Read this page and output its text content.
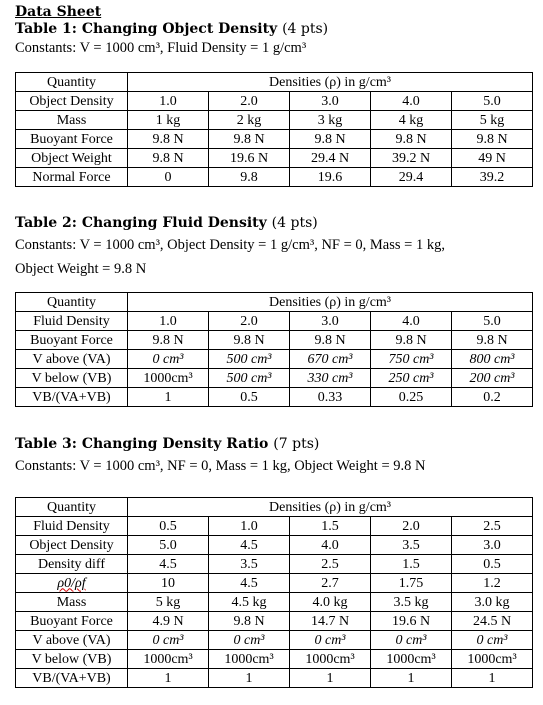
Data Sheet
Table 1: Changing Object Density (4 pts)
Constants: V = 1000 cm³, Fluid Density = 1 g/cm³
Quantity	Densities (ρ) in g/cm³				
Object Density	1.0	2.0	3.0	4.0	5.0
Mass	1 kg	2 kg	3 kg	4 kg	5 kg
Buoyant Force	9.8 N	9.8 N	9.8 N	9.8 N	9.8 N
Object Weight	9.8 N	19.6 N	29.4 N	39.2 N	49 N
Normal Force	0	9.8	19.6	29.4	39.2
Table 2: Changing Fluid Density (4 pts)
Constants: V = 1000 cm³, Object Density = 1 g/cm³, NF = 0, Mass = 1 kg,
Object Weight = 9.8 N
Quantity	Densities (ρ) in g/cm³				
Fluid Density	1.0	2.0	3.0	4.0	5.0
Buoyant Force	9.8 N	9.8 N	9.8 N	9.8 N	9.8 N
V above (VA)	0 cm³	500 cm³	670 cm³	750 cm³	800 cm³
V below (VB)	1000cm³	500 cm³	330 cm³	250 cm³	200 cm³
VB/(VA+VB)	1	0.5	0.33	0.25	0.2
Table 3: Changing Density Ratio (7 pts)
Constants: V = 1000 cm³, NF = 0, Mass = 1 kg, Object Weight = 9.8 N
Quantity	Densities (ρ) in g/cm³				
Fluid Density	0.5	1.0	1.5	2.0	2.5
Object Density	5.0	4.5	4.0	3.5	3.0
Density diff	4.5	3.5	2.5	1.5	0.5
ρ0/ρf	10	4.5	2.7	1.75	1.2
Mass	5 kg	4.5 kg	4.0 kg	3.5 kg	3.0 kg
Buoyant Force	4.9 N	9.8 N	14.7 N	19.6 N	24.5 N
V above (VA)	0 cm³	0 cm³	0 cm³	0 cm³	0 cm³
V below (VB)	1000cm³	1000cm³	1000cm³	1000cm³	1000cm³
VB/(VA+VB)	1	1	1	1	1
